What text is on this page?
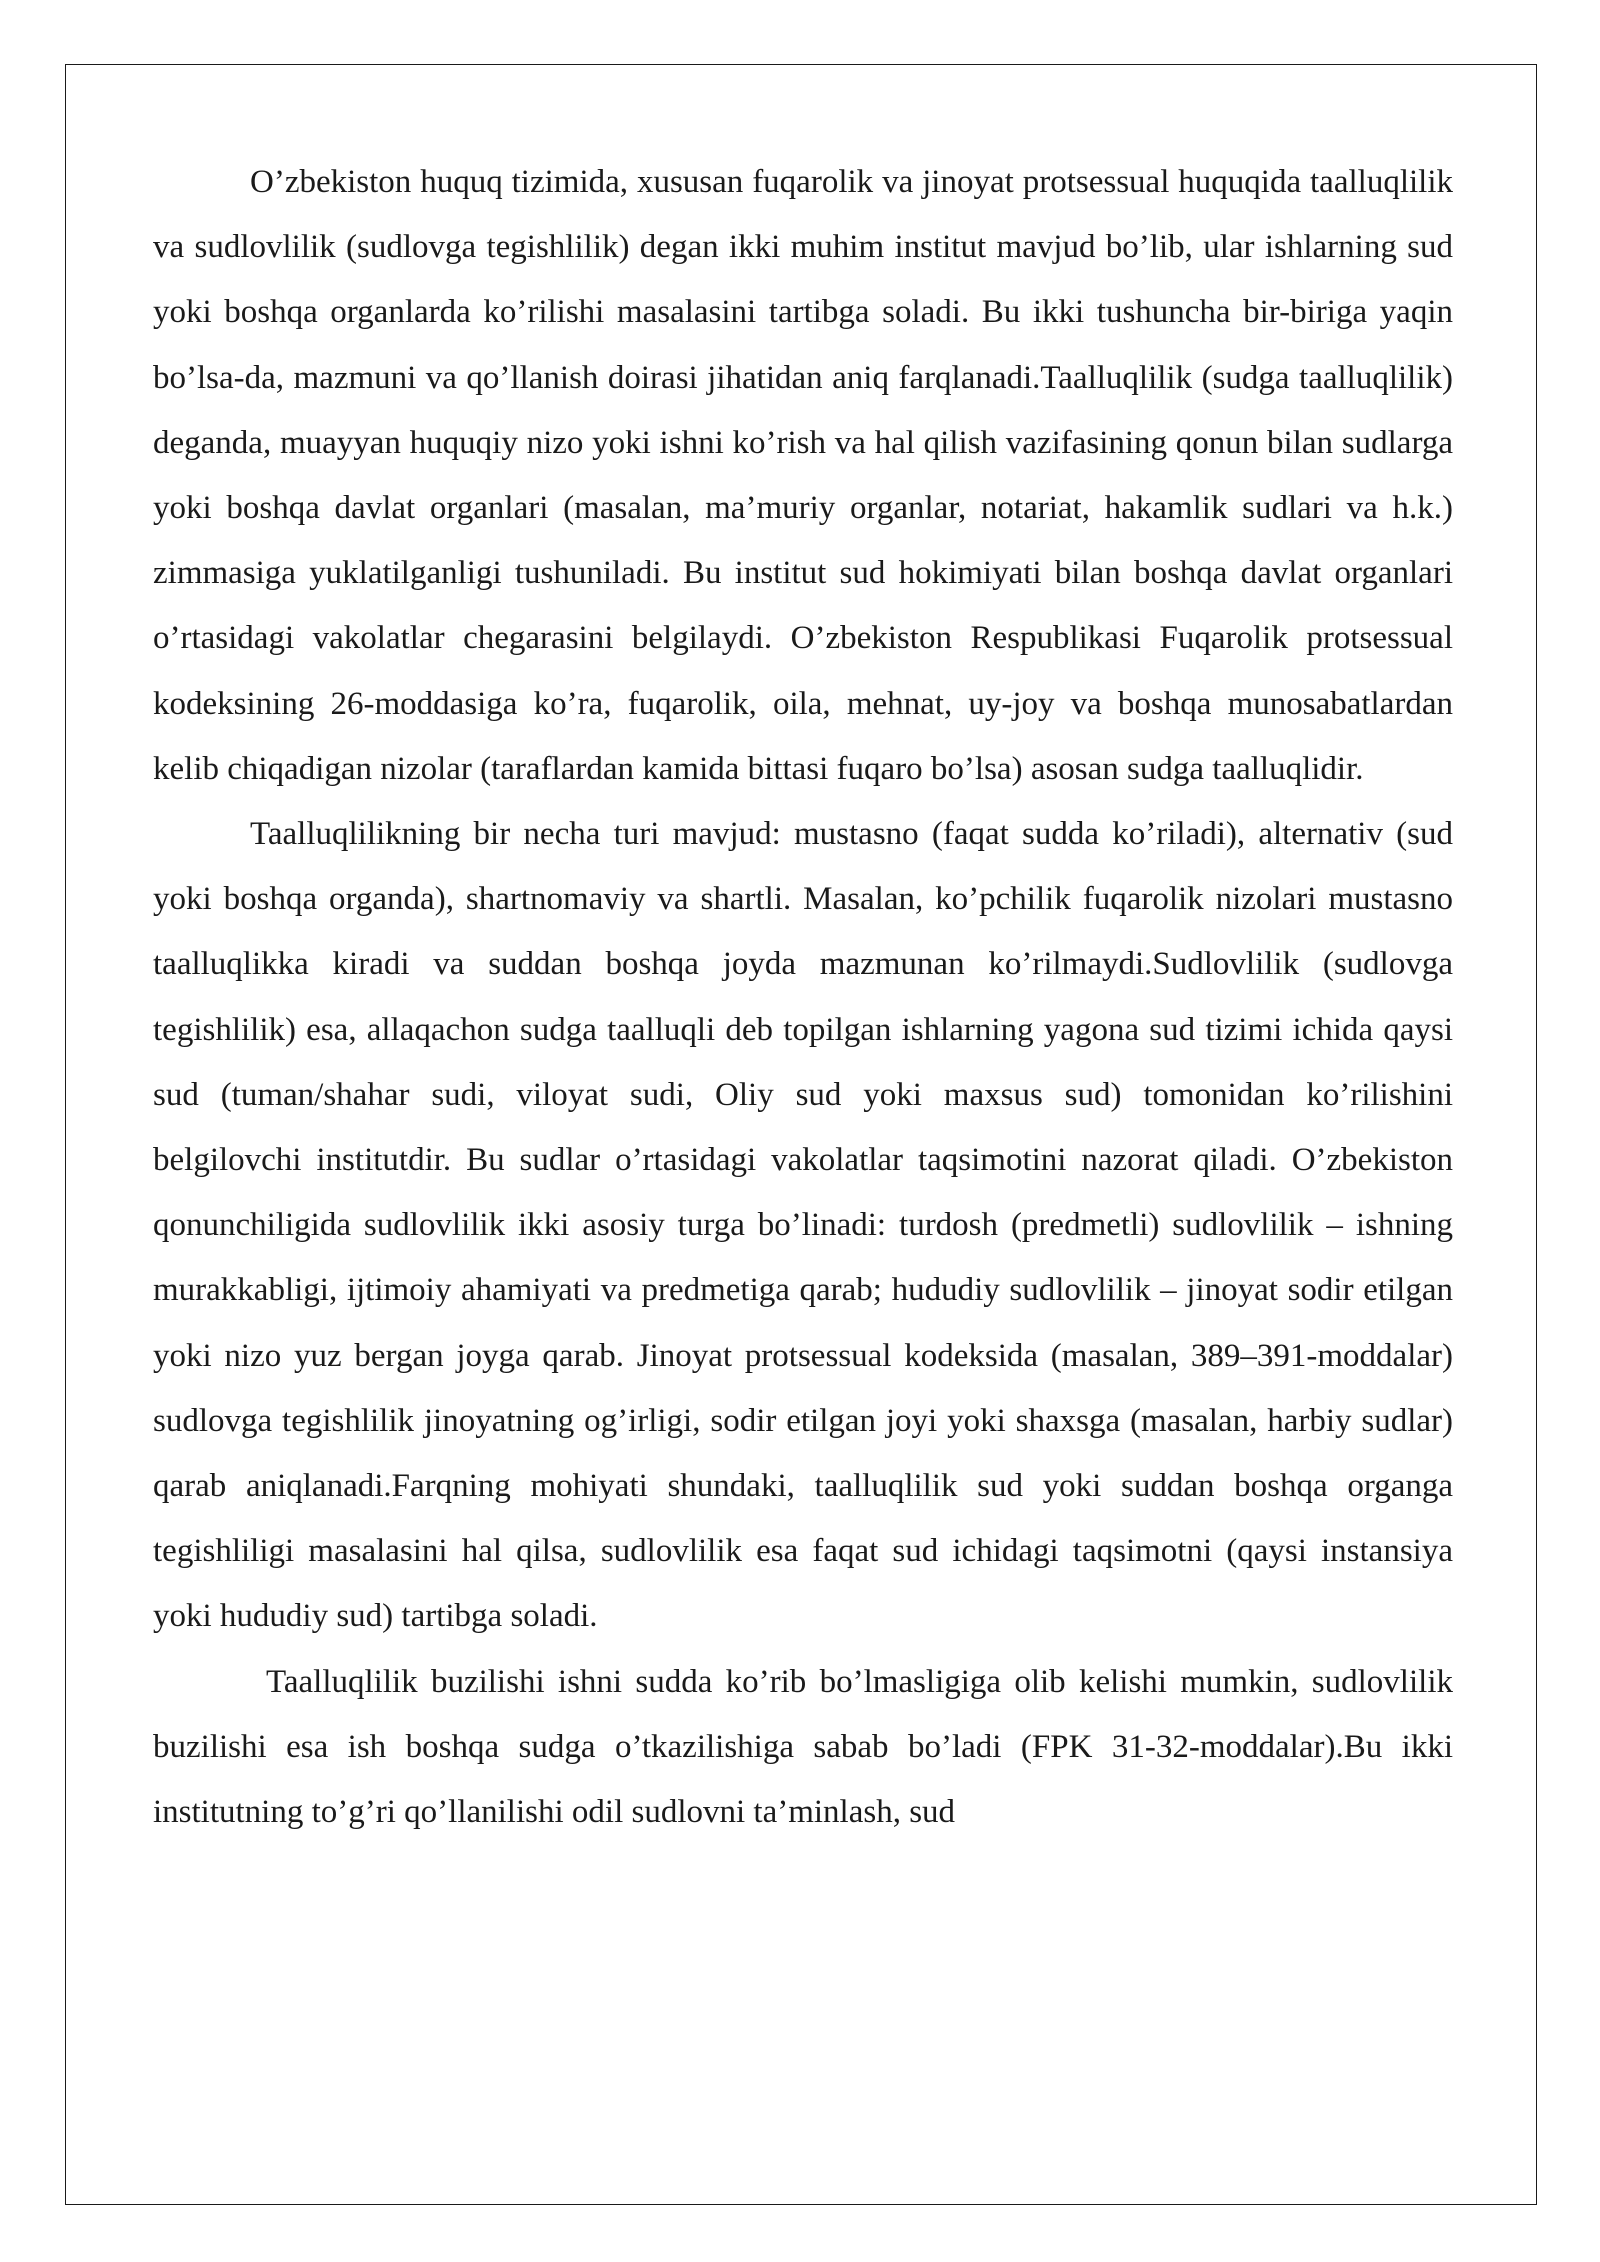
O’zbekiston huquq tizimida, xususan fuqarolik va jinoyat protsessual huquqida taalluqlilik va sudlovlilik (sudlovga tegishlilik) degan ikki muhim institut mavjud bo’lib, ular ishlarning sud yoki boshqa organlarda ko’rilishi masalasini tartibga soladi. Bu ikki tushuncha bir-biriga yaqin bo’lsa-da, mazmuni va qo’llanish doirasi jihatidan aniq farqlanadi.Taalluqlilik (sudga taalluqlilik) deganda, muayyan huquqiy nizo yoki ishni ko’rish va hal qilish vazifasining qonun bilan sudlarga yoki boshqa davlat organlari (masalan, ma’muriy organlar, notariat, hakamlik sudlari va h.k.) zimmasiga yuklatilganligi tushuniladi. Bu institut sud hokimiyati bilan boshqa davlat organlari o’rtasidagi vakolatlar chegarasini belgilaydi. O’zbekiston Respublikasi Fuqarolik protsessual kodeksining 26-moddasiga ko’ra, fuqarolik, oila, mehnat, uy-joy va boshqa munosabatlardan kelib chiqadigan nizolar (taraflardan kamida bittasi fuqaro bo’lsa) asosan sudga taalluqlidir.

Taalluqlilikning bir necha turi mavjud: mustasno (faqat sudda ko’riladi), alternativ (sud yoki boshqa organda), shartnomaviy va shartli. Masalan, ko’pchilik fuqarolik nizolari mustasno taalluqlikka kiradi va suddan boshqa joyda mazmunan ko’rilmaydi.Sudlovlilik (sudlovga tegishlilik) esa, allaqachon sudga taalluqli deb topilgan ishlarning yagona sud tizimi ichida qaysi sud (tuman/shahar sudi, viloyat sudi, Oliy sud yoki maxsus sud) tomonidan ko’rilishini belgilovchi institutdir. Bu sudlar o’rtasidagi vakolatlar taqsimotini nazorat qiladi. O’zbekiston qonunchiligida sudlovlilik ikki asosiy turga bo’linadi: turdosh (predmetli) sudlovlilik – ishning murakkabligi, ijtimoiy ahamiyati va predmetiga qarab; hududiy sudlovlilik – jinoyat sodir etilgan yoki nizo yuz bergan joyga qarab. Jinoyat protsessual kodeksida (masalan, 389–391-moddalar) sudlovga tegishlilik jinoyatning og’irligi, sodir etilgan joyi yoki shaxsga (masalan, harbiy sudlar) qarab aniqlanadi.Farqning mohiyati shundaki, taalluqlilik sud yoki suddan boshqa organga tegishliligi masalasini hal qilsa, sudlovlilik esa faqat sud ichidagi taqsimotni (qaysi instansiya yoki hududiy sud) tartibga soladi.

Taalluqlilik buzilishi ishni sudda ko’rib bo’lmasligiga olib kelishi mumkin, sudlovlilik buzilishi esa ish boshqa sudga o’tkazilishiga sabab bo’ladi (FPK 31-32-moddalar).Bu ikki institutning to’g’ri qo’llanilishi odil sudlovni ta’minlash, sud
